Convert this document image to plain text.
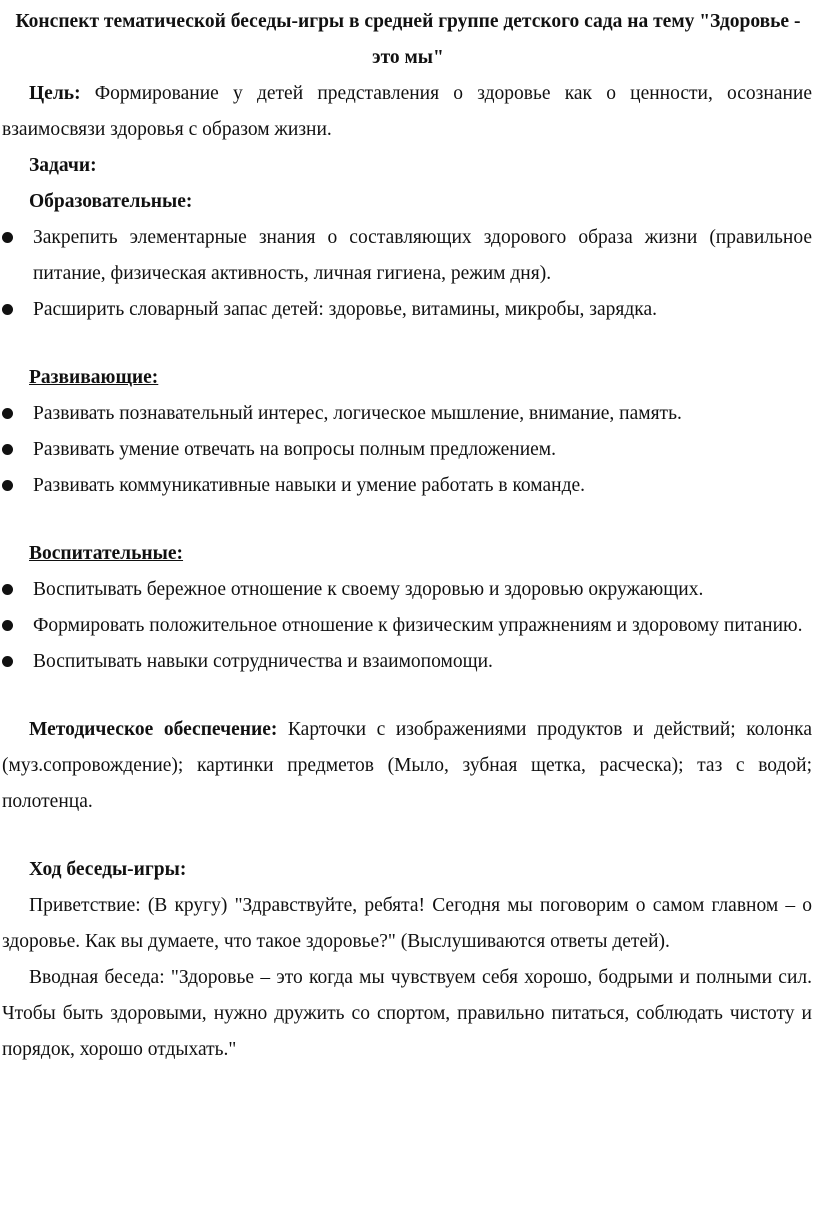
Конспект тематической беседы-игры в средней группе детского сада на тему "Здоровье - это мы"
Цель: Формирование у детей представления о здоровье как о ценности, осознание взаимосвязи здоровья с образом жизни.
Задачи:
Образовательные:
Закрепить элементарные знания о составляющих здорового образа жизни (правильное питание, физическая активность, личная гигиена, режим дня).
Расширить словарный запас детей: здоровье, витамины, микробы, зарядка.
Развивающие:
Развивать познавательный интерес, логическое мышление, внимание, память.
Развивать умение отвечать на вопросы полным предложением.
Развивать коммуникативные навыки и умение работать в команде.
Воспитательные:
Воспитывать бережное отношение к своему здоровью и здоровью окружающих.
Формировать положительное отношение к физическим упражнениям и здоровому питанию.
Воспитывать навыки сотрудничества и взаимопомощи.
Методическое обеспечение: Карточки с изображениями продуктов и действий; колонка (муз.сопровождение); картинки предметов (Мыло, зубная щетка, расческа); таз с водой; полотенца.
Ход беседы-игры:
Приветствие: (В кругу) "Здравствуйте, ребята! Сегодня мы поговорим о самом главном – о здоровье. Как вы думаете, что такое здоровье?" (Выслушиваются ответы детей).
Вводная беседа: "Здоровье – это когда мы чувствуем себя хорошо, бодрыми и полными сил. Чтобы быть здоровыми, нужно дружить со спортом, правильно питаться, соблюдать чистоту и порядок, хорошо отдыхать."
